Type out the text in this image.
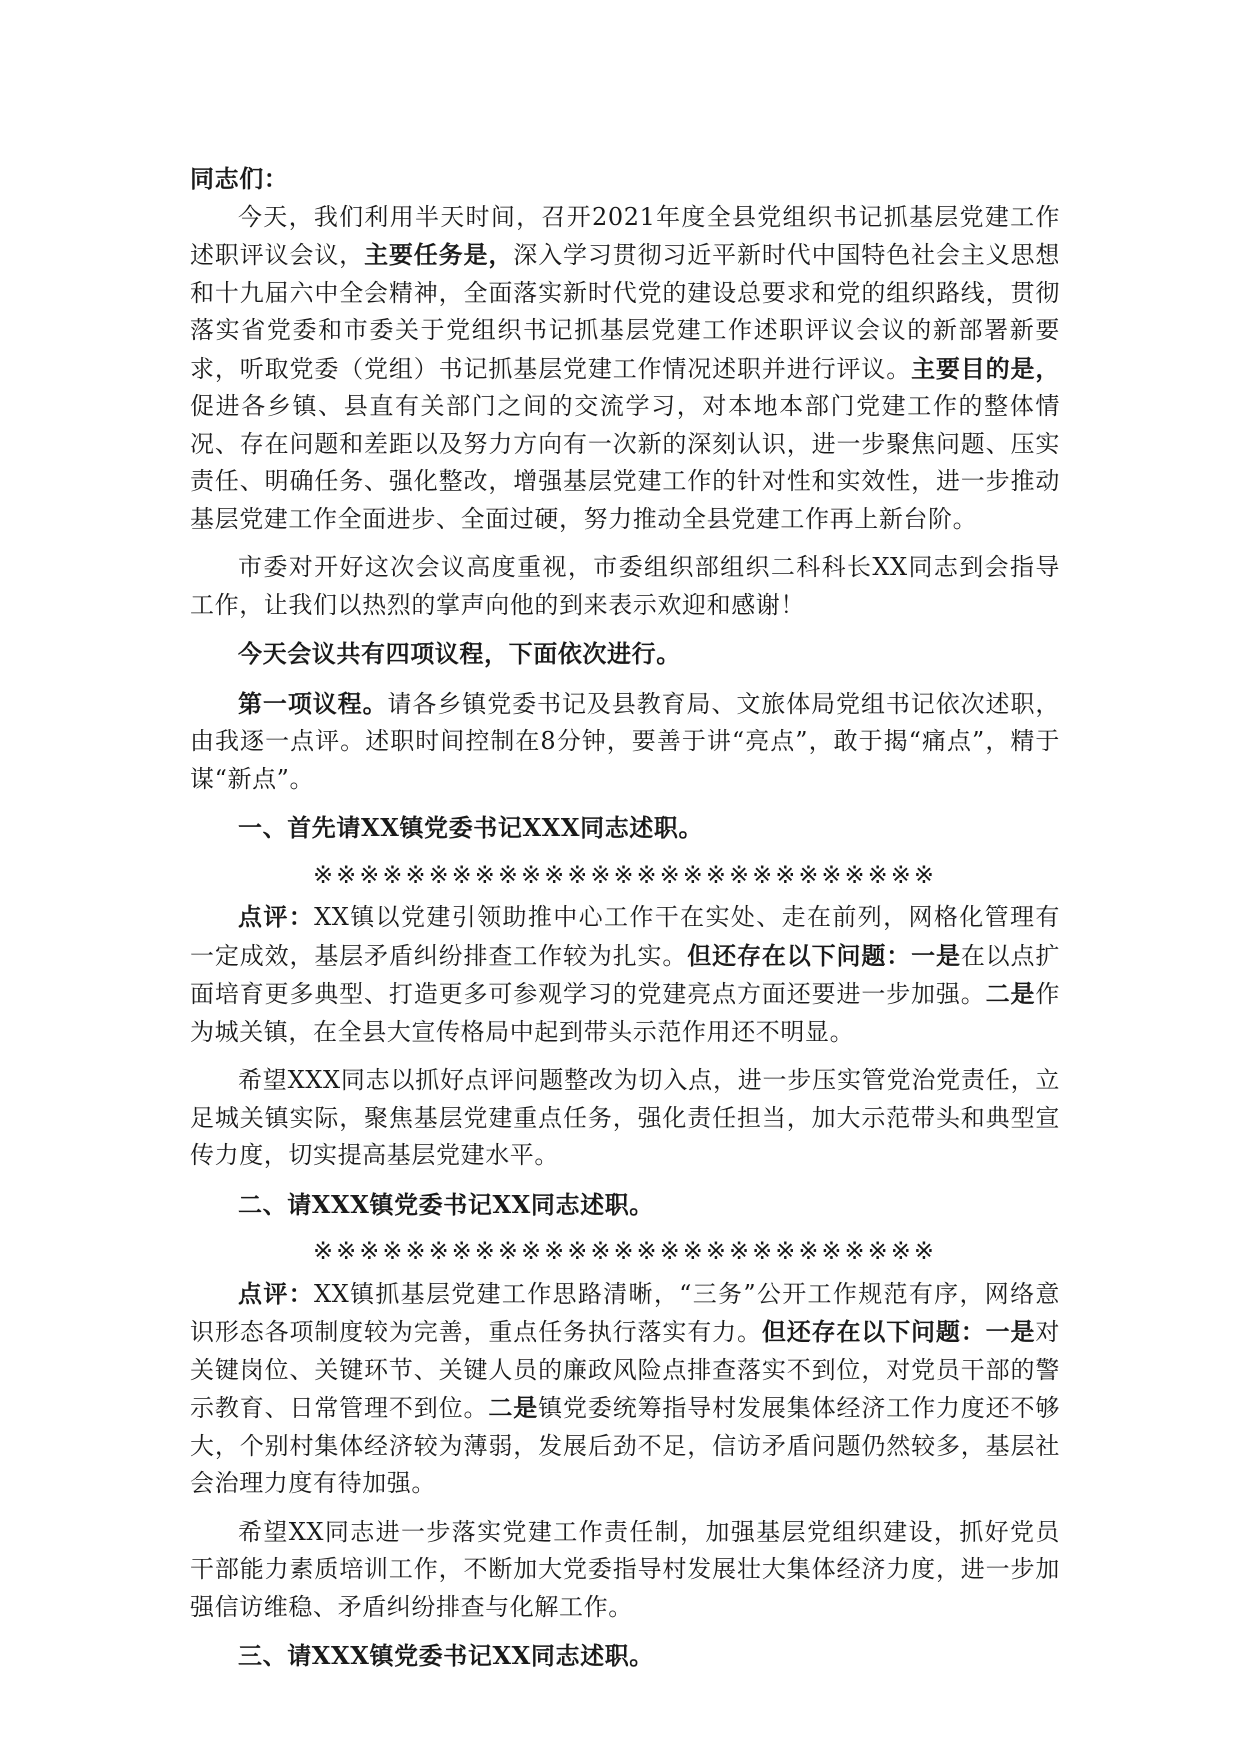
同志们：

今天，我们利用半天时间，召开2021年度全县党组织书记抓基层党建工作述职评议会议，主要任务是，深入学习贯彻习近平新时代中国特色社会主义思想和十九届六中全会精神，全面落实新时代党的建设总要求和党的组织路线，贯彻落实省党委和市委关于党组织书记抓基层党建工作述职评议会议的新部署新要求，听取党委（党组）书记抓基层党建工作情况述职并进行评议。主要目的是，促进各乡镇、县直有关部门之间的交流学习，对本地本部门党建工作的整体情况、存在问题和差距以及努力方向有一次新的深刻认识，进一步聚焦问题、压实责任、明确任务、强化整改，增强基层党建工作的针对性和实效性，进一步推动基层党建工作全面进步、全面过硬，努力推动全县党建工作再上新台阶。

市委对开好这次会议高度重视，市委组织部组织二科科长XX同志到会指导工作，让我们以热烈的掌声向他的到来表示欢迎和感谢！

今天会议共有四项议程，下面依次进行。

第一项议程。请各乡镇党委书记及县教育局、文旅体局党组书记依次述职，由我逐一点评。述职时间控制在8分钟，要善于讲“亮点”，敢于揭“痛点”，精于谋“新点”。

一、首先请XX镇党委书记XXX同志述职。

※※※※※※※※※※※※※※※※※※※※※※※※※※※

点评：XX镇以党建引领助推中心工作干在实处、走在前列，网格化管理有一定成效，基层矛盾纠纷排查工作较为扎实。但还存在以下问题：一是在以点扩面培育更多典型、打造更多可参观学习的党建亮点方面还要进一步加强。二是作为城关镇，在全县大宣传格局中起到带头示范作用还不明显。

希望XXX同志以抓好点评问题整改为切入点，进一步压实管党治党责任，立足城关镇实际，聚焦基层党建重点任务，强化责任担当，加大示范带头和典型宣传力度，切实提高基层党建水平。

二、请XXX镇党委书记XX同志述职。

※※※※※※※※※※※※※※※※※※※※※※※※※※※

点评：XX镇抓基层党建工作思路清晰，“三务”公开工作规范有序，网络意识形态各项制度较为完善，重点任务执行落实有力。但还存在以下问题：一是对关键岗位、关键环节、关键人员的廉政风险点排查落实不到位，对党员干部的警示教育、日常管理不到位。二是镇党委统筹指导村发展集体经济工作力度还不够大，个别村集体经济较为薄弱，发展后劲不足，信访矛盾问题仍然较多，基层社会治理力度有待加强。

希望XX同志进一步落实党建工作责任制，加强基层党组织建设，抓好党员干部能力素质培训工作，不断加大党委指导村发展壮大集体经济力度，进一步加强信访维稳、矛盾纠纷排查与化解工作。

三、请XXX镇党委书记XX同志述职。
